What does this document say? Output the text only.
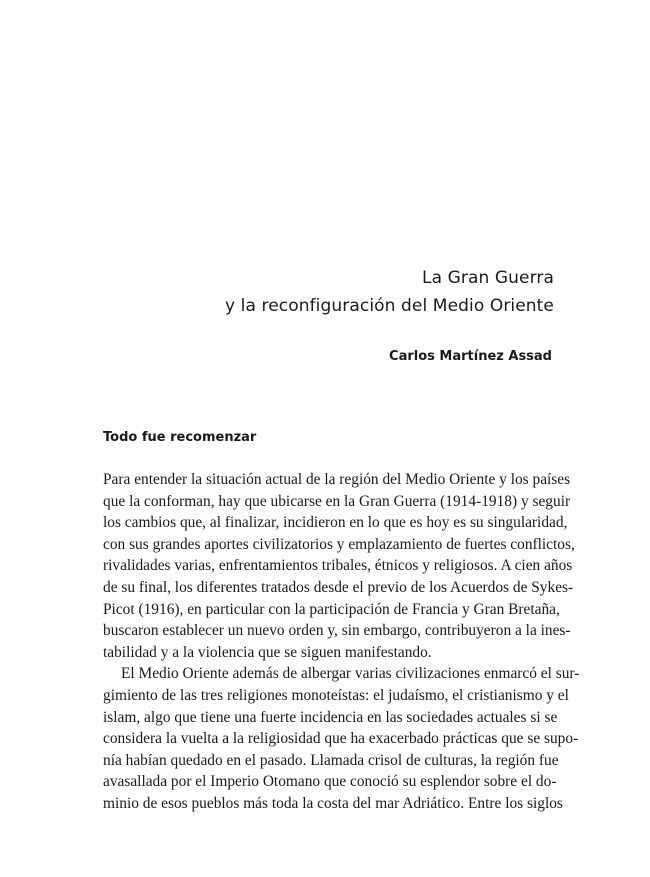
La Gran Guerra
y la reconfiguración del Medio Oriente

Carlos Martínez Assad

Todo fue recomenzar
Para entender la situación actual de la región del Medio Oriente y los países
que la conforman, hay que ubicarse en la Gran Guerra (1914-1918) y seguir
los cambios que, al finalizar, incidieron en lo que es hoy es su singularidad,
con sus grandes aportes civilizatorios y emplazamiento de fuertes conflictos,
rivalidades varias, enfrentamientos tribales, étnicos y religiosos. A cien años
de su final, los diferentes tratados desde el previo de los Acuerdos de Sykes-
Picot (1916), en particular con la participación de Francia y Gran Bretaña,
buscaron establecer un nuevo orden y, sin embargo, contribuyeron a la ines-
tabilidad y a la violencia que se siguen manifestando.
El Medio Oriente además de albergar varias civilizaciones enmarcó el sur-
gimiento de las tres religiones monoteístas: el judaísmo, el cristianismo y el
islam, algo que tiene una fuerte incidencia en las sociedades actuales si se
considera la vuelta a la religiosidad que ha exacerbado prácticas que se supo-
nía habían quedado en el pasado. Llamada crisol de culturas, la región fue
avasallada por el Imperio Otomano que conoció su esplendor sobre el do-
minio de esos pueblos más toda la costa del mar Adriático. Entre los siglos
